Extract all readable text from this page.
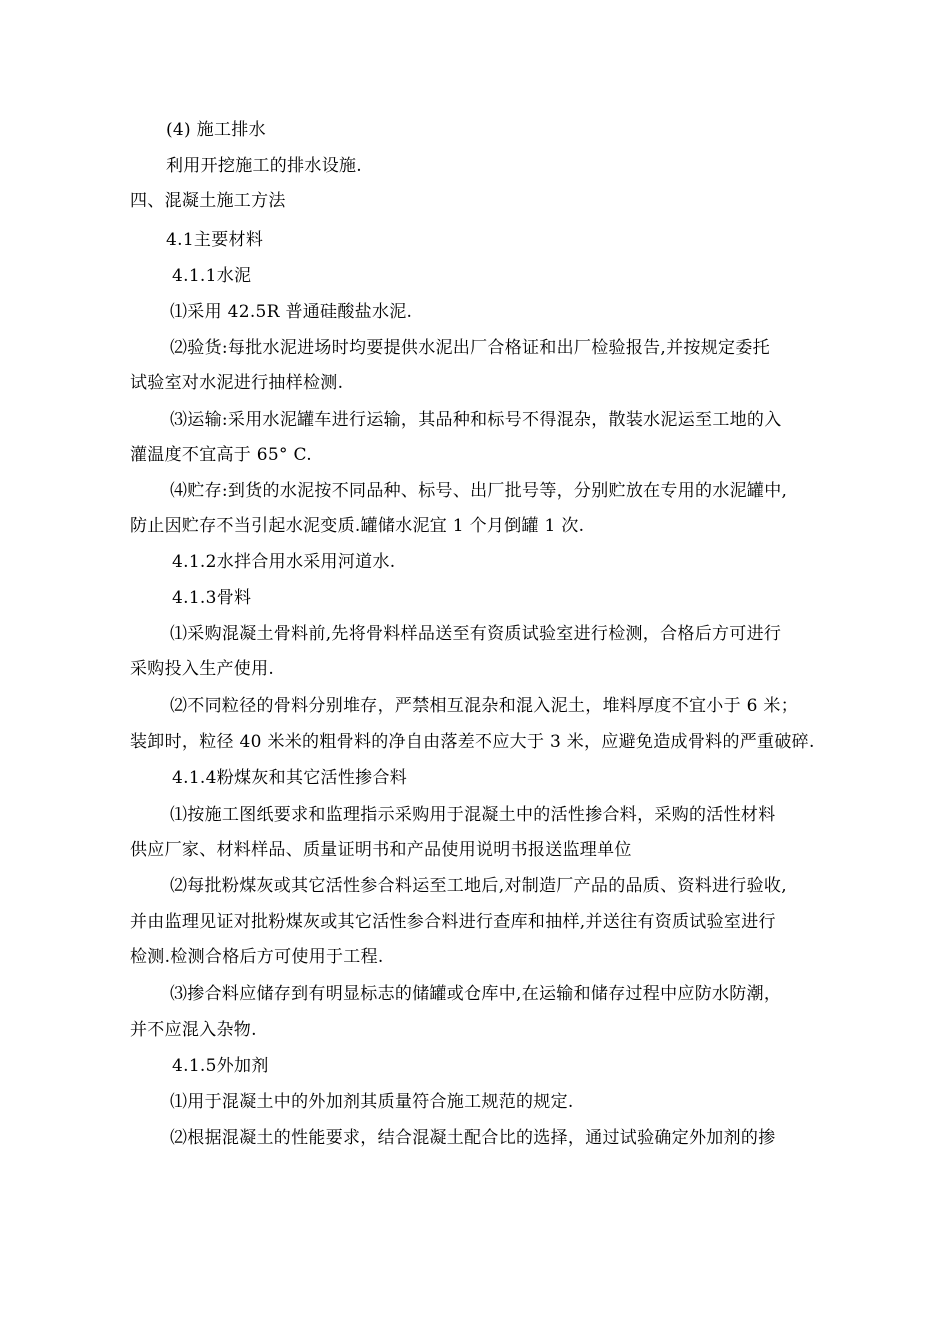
(4) 施工排水
利用开挖施工的排水设施.
四、混凝土施工方法
4.1主要材料
4.1.1水泥
⑴采用 42.5R 普通硅酸盐水泥.
⑵验货:每批水泥进场时均要提供水泥出厂合格证和出厂检验报告,并按规定委托
试验室对水泥进行抽样检测.
⑶运输:采用水泥罐车进行运输，其品种和标号不得混杂，散装水泥运至工地的入
灌温度不宜高于 65° C.
⑷贮存:到货的水泥按不同品种、标号、出厂批号等，分别贮放在专用的水泥罐中,
防止因贮存不当引起水泥变质.罐储水泥宜 1 个月倒罐 1 次.
4.1.2水拌合用水采用河道水.
4.1.3骨料
⑴采购混凝土骨料前,先将骨料样品送至有资质试验室进行检测，合格后方可进行
采购投入生产使用.
⑵不同粒径的骨料分别堆存，严禁相互混杂和混入泥土，堆料厚度不宜小于 6 米；
装卸时，粒径 40 米米的粗骨料的净自由落差不应大于 3 米，应避免造成骨料的严重破碎.
4.1.4粉煤灰和其它活性掺合料
⑴按施工图纸要求和监理指示采购用于混凝土中的活性掺合料，采购的活性材料
供应厂家、材料样品、质量证明书和产品使用说明书报送监理单位
⑵每批粉煤灰或其它活性参合料运至工地后,对制造厂产品的品质、资料进行验收,
并由监理见证对批粉煤灰或其它活性参合料进行查库和抽样,并送往有资质试验室进行
检测.检测合格后方可使用于工程.
⑶掺合料应储存到有明显标志的储罐或仓库中,在运输和储存过程中应防水防潮，
并不应混入杂物.
4.1.5外加剂
⑴用于混凝土中的外加剂其质量符合施工规范的规定.
⑵根据混凝土的性能要求，结合混凝土配合比的选择，通过试验确定外加剂的掺
